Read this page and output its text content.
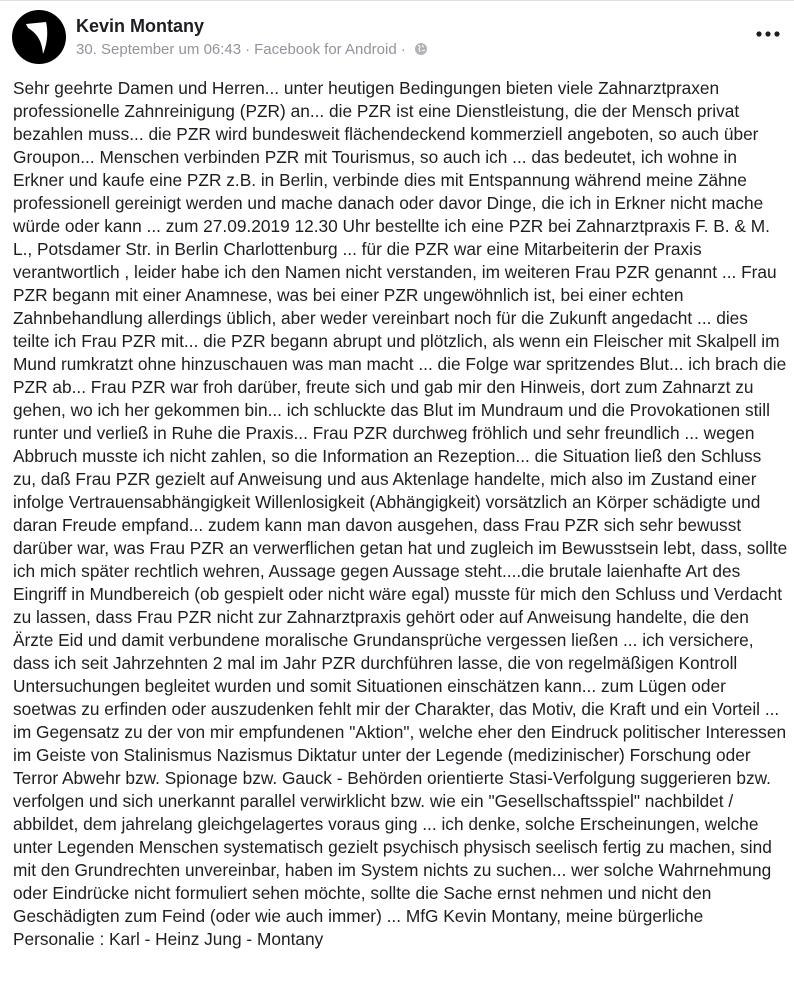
Kevin Montany
30. September um 06:43 · Facebook for Android ·
Sehr geehrte Damen und Herren... unter heutigen Bedingungen bieten viele Zahnarztpraxen professionelle Zahnreinigung (PZR) an... die PZR ist eine Dienstleistung, die der Mensch privat bezahlen muss... die PZR wird bundesweit flächendeckend kommerziell angeboten, so auch über Groupon... Menschen verbinden PZR mit Tourismus, so auch ich ... das bedeutet, ich wohne in Erkner und kaufe eine PZR z.B. in Berlin, verbinde dies mit Entspannung während meine Zähne professionell gereinigt werden und mache danach oder davor Dinge, die ich in Erkner nicht mache würde oder kann ... zum 27.09.2019 12.30 Uhr bestellte ich eine PZR bei Zahnarztpraxis F. B. & M. L., Potsdamer Str. in Berlin Charlottenburg ... für die PZR war eine Mitarbeiterin der Praxis verantwortlich , leider habe ich den Namen nicht verstanden, im weiteren Frau PZR genannt ... Frau PZR begann mit einer Anamnese, was bei einer PZR ungewöhnlich ist, bei einer echten Zahnbehandlung allerdings üblich, aber weder vereinbart noch für die Zukunft angedacht ... dies teilte ich Frau PZR mit... die PZR begann abrupt und plötzlich, als wenn ein Fleischer mit Skalpell im Mund rumkratzt ohne hinzuschauen was man macht ... die Folge war spritzendes Blut... ich brach die PZR ab... Frau PZR war froh darüber, freute sich und gab mir den Hinweis, dort zum Zahnarzt zu gehen, wo ich her gekommen bin... ich schluckte das Blut im Mundraum und die Provokationen still runter und verließ in Ruhe die Praxis... Frau PZR durchweg fröhlich und sehr freundlich ... wegen Abbruch musste ich nicht zahlen, so die Information an Rezeption... die Situation ließ den Schluss zu, daß Frau PZR gezielt auf Anweisung und aus Aktenlage handelte, mich also im Zustand einer infolge Vertrauensabhängigkeit Willenlosigkeit (Abhängigkeit) vorsätzlich an Körper schädigte und daran Freude empfand... zudem kann man davon ausgehen, dass Frau PZR sich sehr bewusst darüber war, was Frau PZR an verwerflichen getan hat und zugleich im Bewusstsein lebt, dass, sollte ich mich später rechtlich wehren, Aussage gegen Aussage steht....die brutale laienhafte Art des Eingriff in Mundbereich (ob gespielt oder nicht wäre egal) musste für mich den Schluss und Verdacht zu lassen, dass Frau PZR nicht zur Zahnarztpraxis gehört oder auf Anweisung handelte, die den Ärzte Eid und damit verbundene moralische Grundansprüche vergessen ließen ... ich versichere, dass ich seit Jahrzehnten 2 mal im Jahr PZR durchführen lasse, die von regelmäßigen Kontroll Untersuchungen begleitet wurden und somit Situationen einschätzen kann... zum Lügen oder soetwas zu erfinden oder auszudenken fehlt mir der Charakter, das Motiv, die Kraft und ein Vorteil ... im Gegensatz zu der von mir empfundenen "Aktion", welche eher den Eindruck politischer Interessen im Geiste von Stalinismus Nazismus Diktatur unter der Legende (medizinischer) Forschung oder Terror Abwehr bzw. Spionage bzw. Gauck - Behörden orientierte Stasi-Verfolgung suggerieren bzw. verfolgen und sich unerkannt parallel verwirklicht bzw. wie ein "Gesellschaftsspiel" nachbildet / abbildet, dem jahrelang gleichgelagertes voraus ging ... ich denke, solche Erscheinungen, welche unter Legenden Menschen systematisch gezielt psychisch physisch seelisch fertig zu machen, sind mit den Grundrechten unvereinbar, haben im System nichts zu suchen... wer solche Wahrnehmung oder Eindrücke nicht formuliert sehen möchte, sollte die Sache ernst nehmen und nicht den Geschädigten zum Feind (oder wie auch immer) ... MfG Kevin Montany, meine bürgerliche Personalie : Karl - Heinz Jung - Montany
